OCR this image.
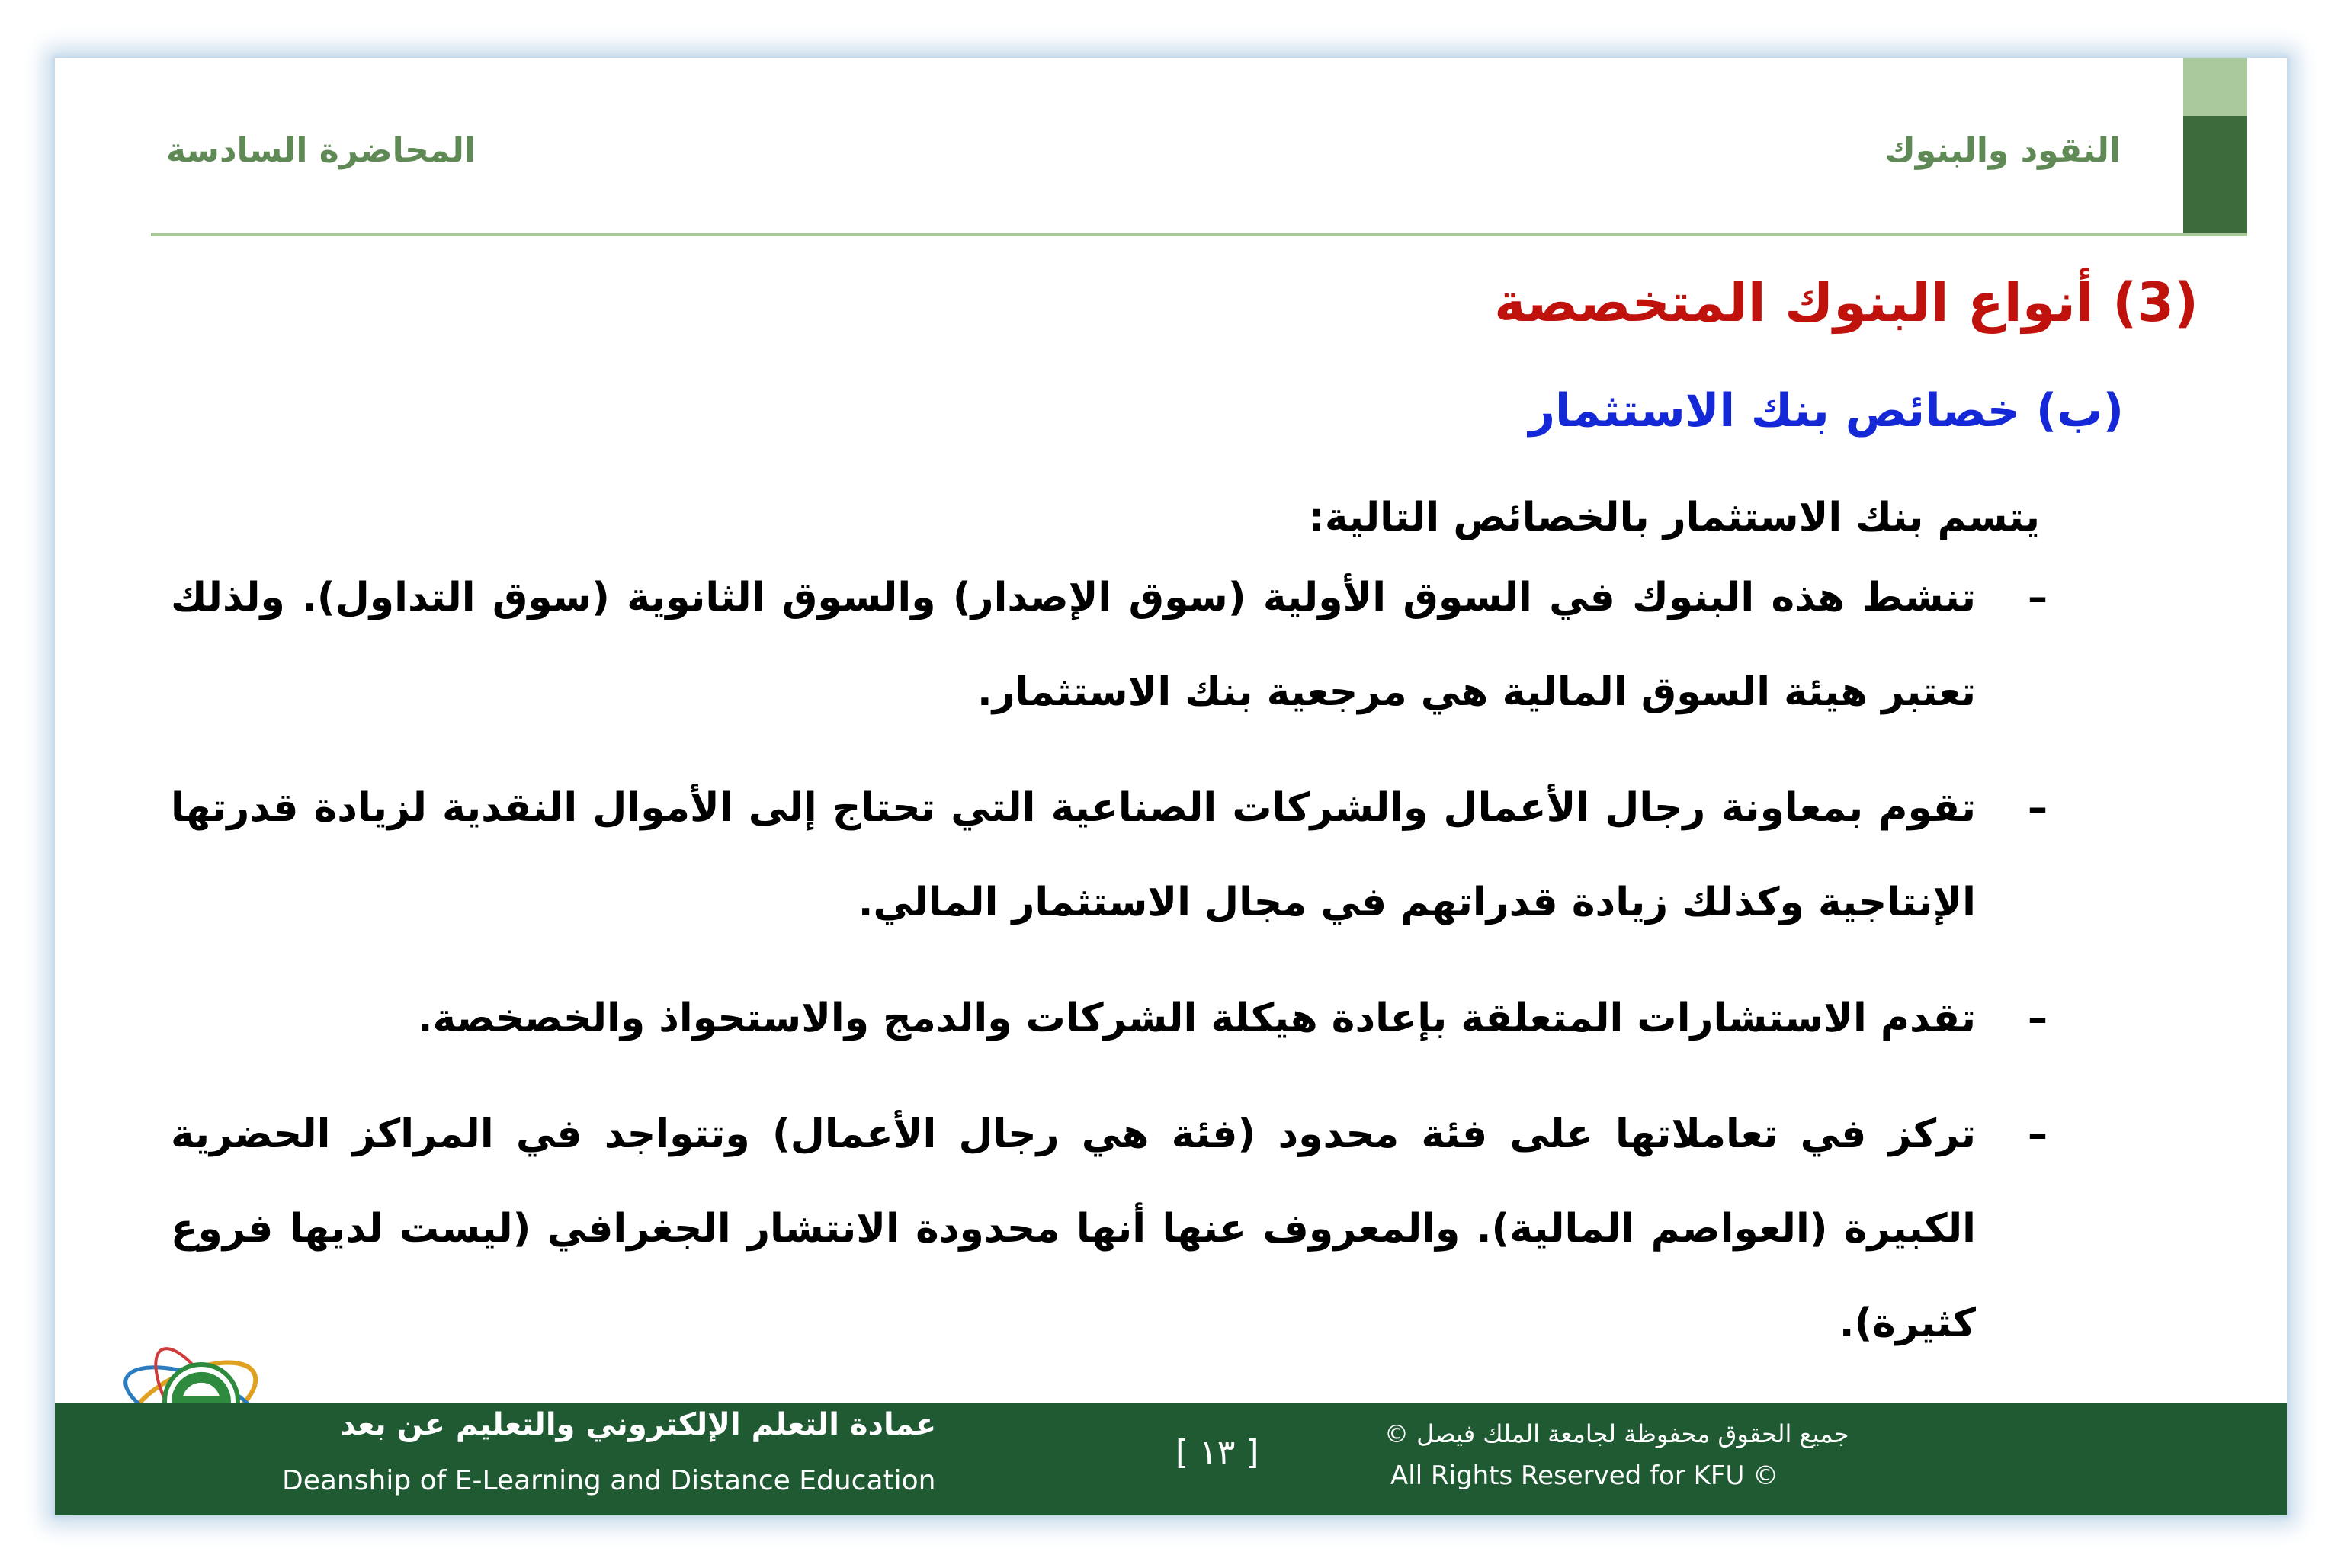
النقود والبنوك
المحاضرة السادسة
(3) أنواع البنوك المتخصصة
(ب) خصائص بنك الاستثمار
يتسم بنك الاستثمار بالخصائص التالية:
–
تنشط هذه البنوك في السوق الأولية (سوق الإصدار) والسوق الثانوية (سوق التداول). ولذلك تعتبر هيئة السوق المالية هي مرجعية بنك الاستثمار.
–
تقوم بمعاونة رجال الأعمال والشركات الصناعية التي تحتاج إلى الأموال النقدية لزيادة قدرتها الإنتاجية وكذلك زيادة قدراتهم في مجال الاستثمار المالي.
–
تقدم الاستشارات المتعلقة بإعادة هيكلة الشركات والدمج والاستحواذ والخصخصة.
–
تركز في تعاملاتها على فئة محدود (فئة هي رجال الأعمال) وتتواجد في المراكز الحضرية الكبيرة (العواصم المالية). والمعروف عنها أنها محدودة الانتشار الجغرافي (ليست لديها فروع كثيرة).
عمادة التعلم الإلكتروني والتعليم عن بعد
Deanship of E-Learning and Distance Education
[ ١٣ ]	جميع الحقوق محفوظة لجامعة الملك فيصل ©
All Rights Reserved for KFU ©
